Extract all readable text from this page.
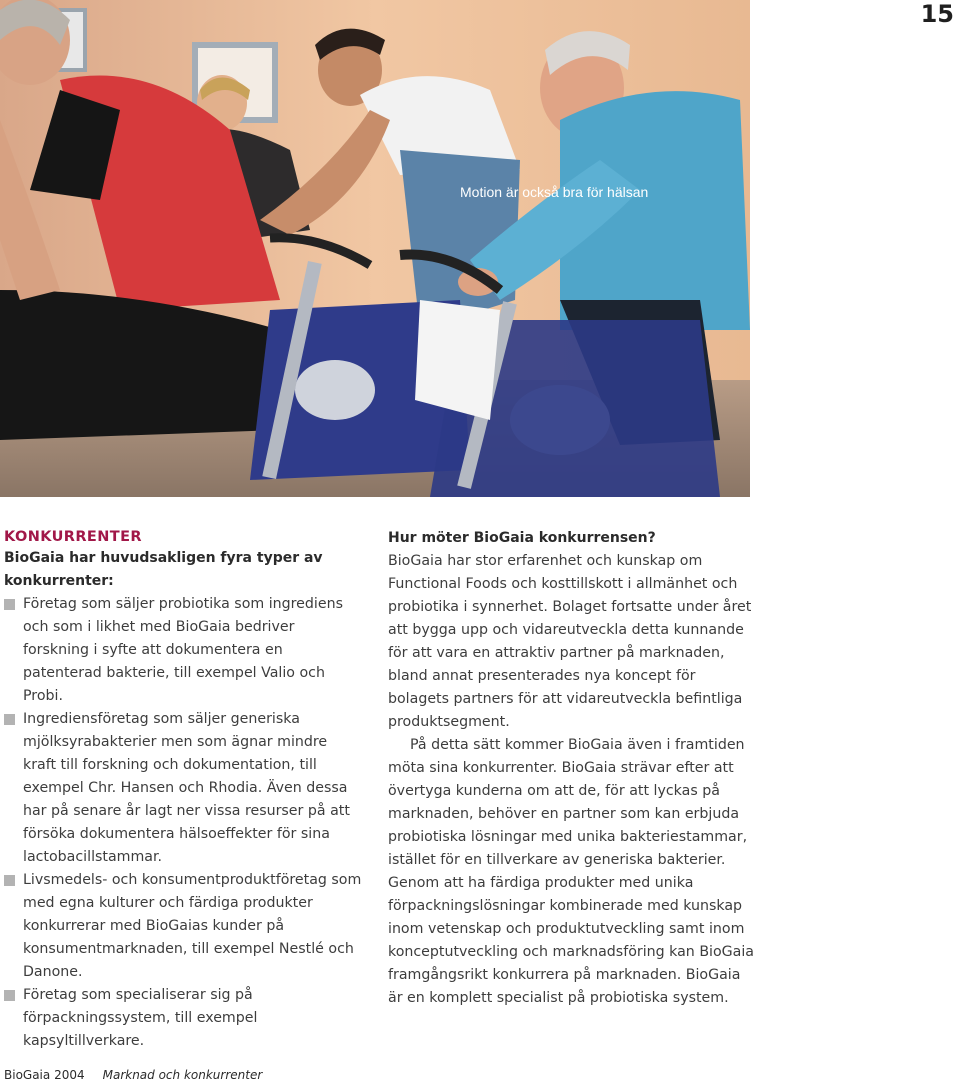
15
Motion är också bra för hälsan
KONKURRENTER
BioGaia har huvudsakligen fyra typer av konkurrenter:
Företag som säljer probiotika som ingrediens och som i likhet med BioGaia bedriver forskning i syfte att dokumentera en patenterad bakterie, till exempel Valio och Probi.
Ingrediensföretag som säljer generiska mjölksyrabakterier men som ägnar mindre kraft till forskning och dokumentation, till exempel Chr. Hansen och Rhodia. Även dessa har på senare år lagt ner vissa resurser på att försöka dokumentera hälsoeffekter för sina lactobacillstammar.
Livsmedels- och konsumentproduktföretag som med egna kulturer och färdiga produkter konkurrerar med BioGaias kunder på konsumentmarknaden, till exempel Nestlé och Danone.
Företag som specialiserar sig på förpackningssystem, till exempel kapsyltillverkare.
Hur möter BioGaia konkurrensen?

BioGaia har stor erfarenhet och kunskap om Functional Foods och kosttillskott i allmänhet och probiotika i synnerhet. Bolaget fortsatte under året att bygga upp och vidareutveckla detta kunnande för att vara en attraktiv partner på marknaden, bland annat presenterades nya koncept för bolagets partners för att vidareutveckla befintliga produktsegment.

På detta sätt kommer BioGaia även i framtiden möta sina konkurrenter. BioGaia strävar efter att övertyga kunderna om att de, för att lyckas på marknaden, behöver en partner som kan erbjuda probiotiska lösningar med unika bakteriestammar, istället för en tillverkare av generiska bakterier. Genom att ha färdiga produkter med unika förpackningslösningar kombinerade med kunskap inom vetenskap och produktutveckling samt inom konceptutveckling och marknadsföring kan BioGaia framgångsrikt konkurrera på marknaden. BioGaia är en komplett specialist på probiotiska system.

BioGaia 2004 Marknad och konkurrenter
